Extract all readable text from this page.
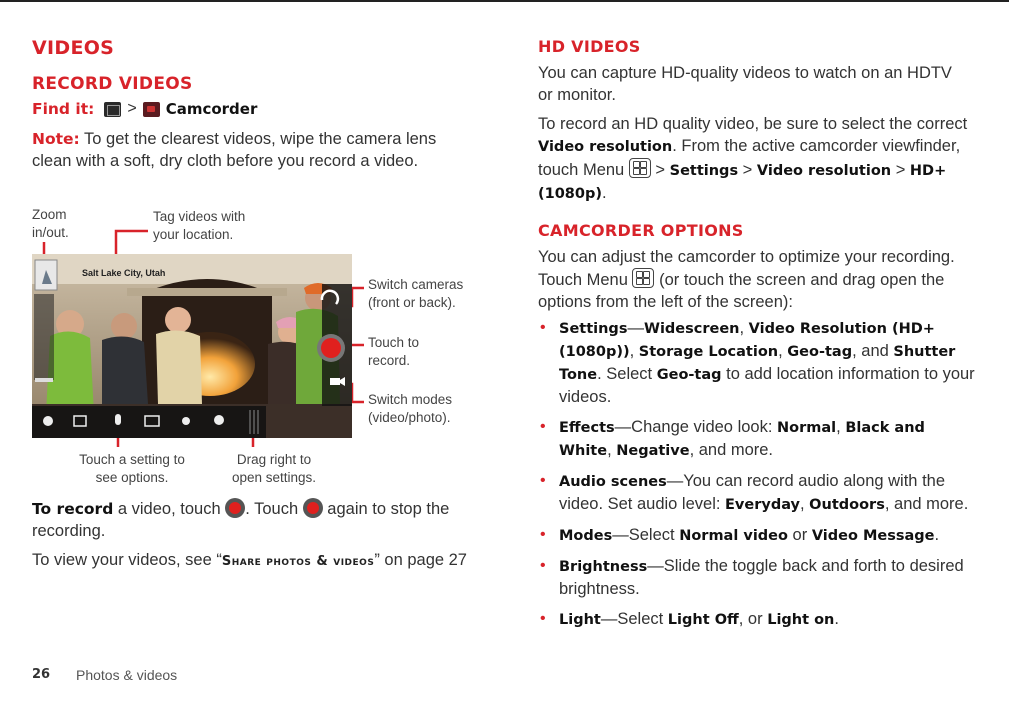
VIDEOS
RECORD VIDEOS
Find it: > Camcorder
Note: To get the clearest videos, wipe the camera lens clean with a soft, dry cloth before you record a video.
Zoom
in/out.
Tag videos with
your location.
Switch cameras
(front or back).
Touch to
record.
Switch modes
(video/photo).
Touch a setting to
see options.
Drag right to
open settings.
Salt Lake City, Utah
To record a video, touch . Touch  again to stop the recording.
To view your videos, see “Share photos & videos” on page 27
HD VIDEOS
You can capture HD-quality videos to watch on an HDTV or monitor.
To record an HD quality video, be sure to select the correct Video resolution. From the active camcorder viewfinder, touch Menu
> Settings > Video resolution > HD+ (1080p).
CAMCORDER OPTIONS
You can adjust the camcorder to optimize your recording. Touch Menu
(or touch the screen and drag open the options from the left of the screen):
• Settings—Widescreen, Video Resolution (HD+ (1080p)), Storage Location, Geo-tag, and Shutter Tone. Select Geo-tag to add location information to your videos.
• Effects—Change video look: Normal, Black and White, Negative, and more.
• Audio scenes—You can record audio along with the video. Set audio level: Everyday, Outdoors, and more.
• Modes—Select Normal video or Video Message.
• Brightness—Slide the toggle back and forth to desired brightness.
• Light—Select Light Off, or Light on.
26 Photos & videos
